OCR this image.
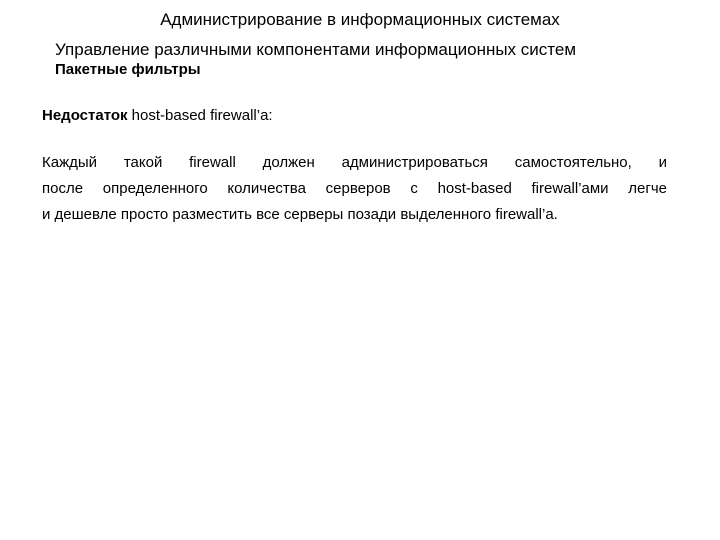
Администрирование в информационных системах
Управление различными компонентами информационных систем
Пакетные фильтры
Недостаток host-based firewall’a:
Каждый такой firewall должен администрироваться самостоятельно, и
после определенного количества серверов с host-based firewall’ами легче
и дешевле просто разместить все серверы позади выделенного firewall’а.
